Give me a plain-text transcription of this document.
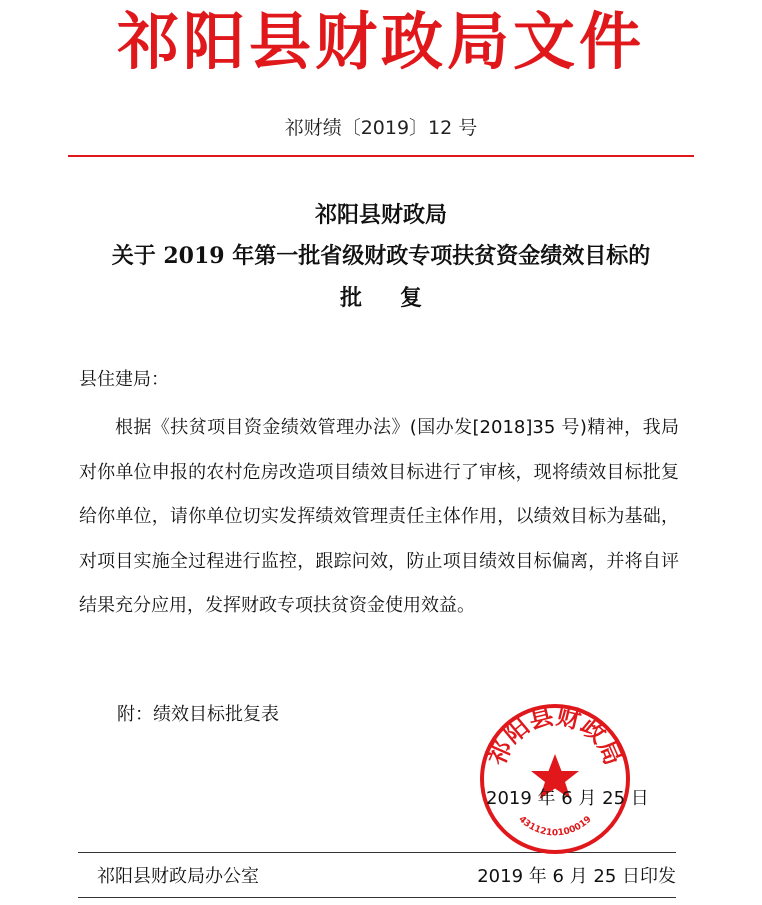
祁阳县财政局文件
祁财绩〔2019〕12 号
祁阳县财政局
关于 2019 年第一批省级财政专项扶贫资金绩效目标的
批复
县住建局：
根据《扶贫项目资金绩效管理办法》(国办发[2018]35 号)精神，我局对你单位申报的农村危房改造项目绩效目标进行了审核，现将绩效目标批复给你单位，请你单位切实发挥绩效管理责任主体作用，以绩效目标为基础，对项目实施全过程进行监控，跟踪问效，防止项目绩效目标偏离，并将自评结果充分应用，发挥财政专项扶贫资金使用效益。
附：绩效目标批复表
祁阳县财政局
4311210100019
2019 年 6 月 25 日
祁阳县财政局办公室	2019 年 6 月 25 日印发
